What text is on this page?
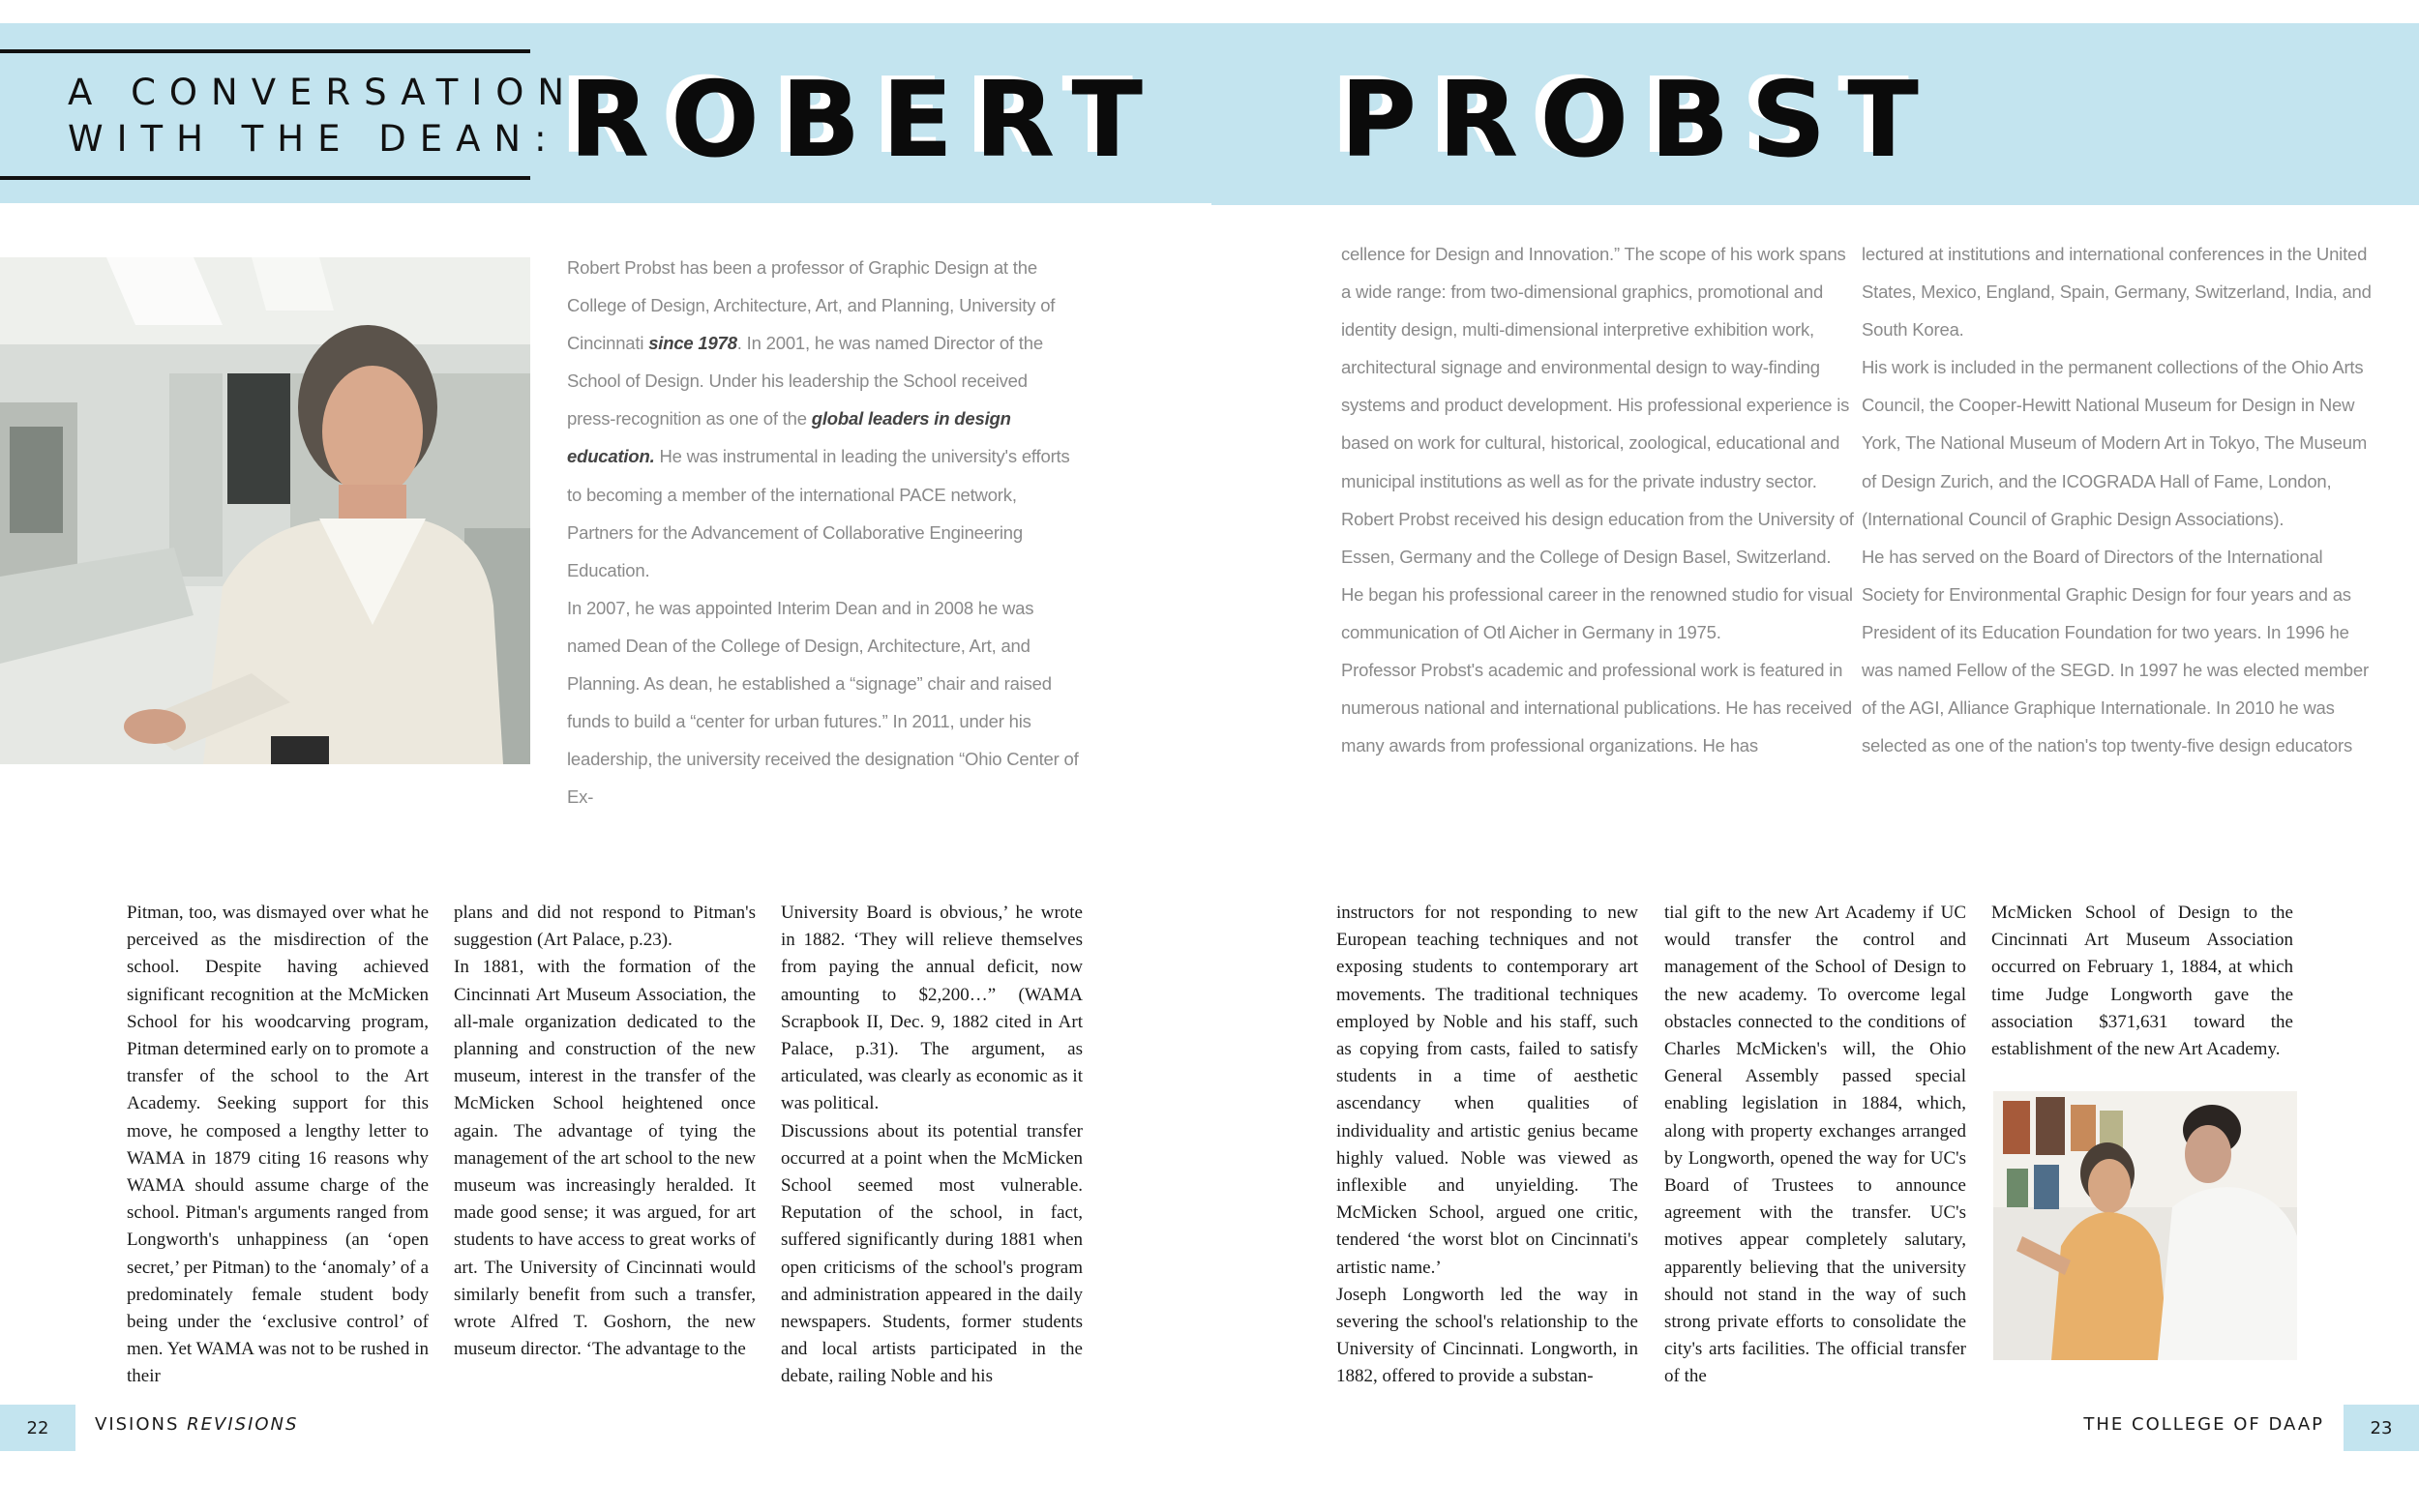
A CONVERSATION
WITH THE DEAN: ROBERT PROBST

Robert Probst has been a professor of Graphic Design at the College of Design, Architecture, Art, and Planning, University of Cincinnati since 1978. In 2001, he was named Director of the School of Design. Under his leadership the School received press-recognition as one of the global leaders in design education. He was instrumental in leading the university's efforts to becoming a member of the international PACE network, Partners for the Advancement of Collaborative Engineering Education.

In 2007, he was appointed Interim Dean and in 2008 he was named Dean of the College of Design, Architecture, Art, and Planning. As dean, he established a “signage” chair and raised funds to build a “center for urban futures.” In 2011, under his leadership, the university received the designation “Ohio Center of Ex-

cellence for Design and Innovation.” The scope of his work spans a wide range: from two-dimensional graphics, promotional and identity design, multi-dimensional interpretive exhibition work, architectural signage and environmental design to way-finding systems and product development. His professional experience is based on work for cultural, historical, zoological, educational and municipal institutions as well as for the private industry sector.

Robert Probst received his design education from the University of Essen, Germany and the College of Design Basel, Switzerland. He began his professional career in the renowned studio for visual communication of Otl Aicher in Germany in 1975.

Professor Probst's academic and professional work is featured in numerous national and international publications. He has received many awards from professional organizations. He has

lectured at institutions and international conferences in the United States, Mexico, England, Spain, Germany, Switzerland, India, and South Korea.

His work is included in the permanent collections of the Ohio Arts Council, the Cooper-Hewitt National Museum for Design in New York, The National Museum of Modern Art in Tokyo, The Museum of Design Zurich, and the ICOGRADA Hall of Fame, London, (International Council of Graphic Design Associations).

He has served on the Board of Directors of the International Society for Environmental Graphic Design for four years and as President of its Education Foundation for two years. In 1996 he was named Fellow of the SEGD. In 1997 he was elected member of the AGI, Alliance Graphique Internationale. In 2010 he was selected as one of the nation's top twenty-five design educators

Pitman, too, was dismayed over what he perceived as the misdirection of the school. Despite having achieved significant recognition at the McMicken School for his woodcarving program, Pitman determined early on to promote a transfer of the school to the Art Academy. Seeking support for this move, he composed a lengthy letter to WAMA in 1879 citing 16 reasons why WAMA should assume charge of the school. Pitman's arguments ranged from Longworth's unhappiness (an ‘open secret,’ per Pitman) to the ‘anomaly’ of a predominately female student body being under the ‘exclusive control’ of men. Yet WAMA was not to be rushed in their

plans and did not respond to Pitman's suggestion (Art Palace, p.23).

In 1881, with the formation of the Cincinnati Art Museum Association, the all-male organization dedicated to the planning and construction of the new museum, interest in the transfer of the McMicken School heightened once again. The advantage of tying the management of the art school to the new museum was increasingly heralded. It made good sense; it was argued, for art students to have access to great works of art. The University of Cincinnati would similarly benefit from such a transfer, wrote Alfred T. Goshorn, the new museum director. ‘The advantage to the

University Board is obvious,’ he wrote in 1882. ‘They will relieve themselves from paying the annual deficit, now amounting to $2,200…” (WAMA Scrapbook II, Dec. 9, 1882 cited in Art Palace, p.31). The argument, as articulated, was clearly as economic as it was political.

Discussions about its potential transfer occurred at a point when the McMicken School seemed most vulnerable. Reputation of the school, in fact, suffered significantly during 1881 when open criticisms of the school's program and administration appeared in the daily newspapers. Students, former students and local artists participated in the debate, railing Noble and his

instructors for not responding to new European teaching techniques and not exposing students to contemporary art movements. The traditional techniques employed by Noble and his staff, such as copying from casts, failed to satisfy students in a time of aesthetic ascendancy when qualities of individuality and artistic genius became highly valued. Noble was viewed as inflexible and unyielding. The McMicken School, argued one critic, tendered ‘the worst blot on Cincinnati's artistic name.’

Joseph Longworth led the way in severing the school's relationship to the University of Cincinnati. Longworth, in 1882, offered to provide a substan-

tial gift to the new Art Academy if UC would transfer the control and management of the School of Design to the new academy. To overcome legal obstacles connected to the conditions of Charles McMicken's will, the Ohio General Assembly passed special enabling legislation in 1884, which, along with property exchanges arranged by Longworth, opened the way for UC's Board of Trustees to announce agreement with the transfer. UC's motives appear completely salutary, apparently believing that the university should not stand in the way of such strong private efforts to consolidate the city's arts facilities. The official transfer of the

McMicken School of Design to the Cincinnati Art Museum Association occurred on February 1, 1884, at which time Judge Longworth gave the association $371,631 toward the establishment of the new Art Academy.

22	VISIONS REVISIONS	THE COLLEGE OF DAAP	23
